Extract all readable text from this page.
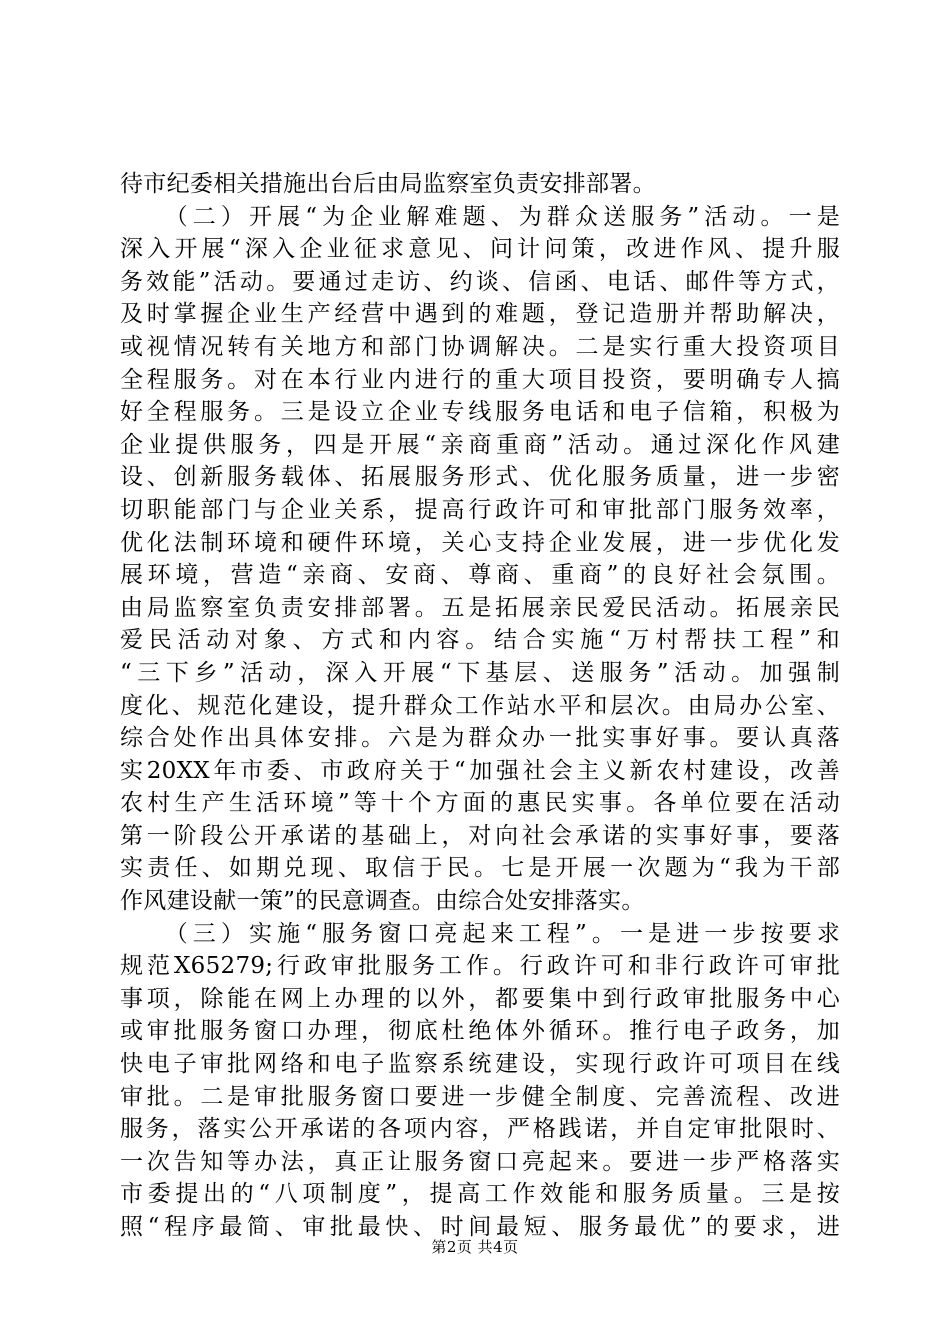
待市纪委相关措施出台后由局监察室负责安排部署。
　　（二）开展“为企业解难题、为群众送服务”活动。一是
深入开展“深入企业征求意见、问计问策，改进作风、提升服
务效能”活动。要通过走访、约谈、信函、电话、邮件等方式，
及时掌握企业生产经营中遇到的难题，登记造册并帮助解决，
或视情况转有关地方和部门协调解决。二是实行重大投资项目
全程服务。对在本行业内进行的重大项目投资，要明确专人搞
好全程服务。三是设立企业专线服务电话和电子信箱，积极为
企业提供服务，四是开展“亲商重商”活动。通过深化作风建
设、创新服务载体、拓展服务形式、优化服务质量，进一步密
切职能部门与企业关系，提高行政许可和审批部门服务效率，
优化法制环境和硬件环境，关心支持企业发展，进一步优化发
展环境，营造“亲商、安商、尊商、重商”的良好社会氛围。
由局监察室负责安排部署。五是拓展亲民爱民活动。拓展亲民
爱民活动对象、方式和内容。结合实施“万村帮扶工程”和
“三下乡”活动，深入开展“下基层、送服务”活动。加强制
度化、规范化建设，提升群众工作站水平和层次。由局办公室、
综合处作出具体安排。六是为群众办一批实事好事。要认真落
实20XX年市委、市政府关于“加强社会主义新农村建设，改善
农村生产生活环境”等十个方面的惠民实事。各单位要在活动
第一阶段公开承诺的基础上，对向社会承诺的实事好事，要落
实责任、如期兑现、取信于民。七是开展一次题为“我为干部
作风建设献一策”的民意调查。由综合处安排落实。
　　（三）实施“服务窗口亮起来工程”。一是进一步按要求
规范X65279;行政审批服务工作。行政许可和非行政许可审批
事项，除能在网上办理的以外，都要集中到行政审批服务中心
或审批服务窗口办理，彻底杜绝体外循环。推行电子政务，加
快电子审批网络和电子监察系统建设，实现行政许可项目在线
审批。二是审批服务窗口要进一步健全制度、完善流程、改进
服务，落实公开承诺的各项内容，严格践诺，并自定审批限时、
一次告知等办法，真正让服务窗口亮起来。要进一步严格落实
市委提出的“八项制度”，提高工作效能和服务质量。三是按
照“程序最简、审批最快、时间最短、服务最优”的要求，进
第2页 共4页
